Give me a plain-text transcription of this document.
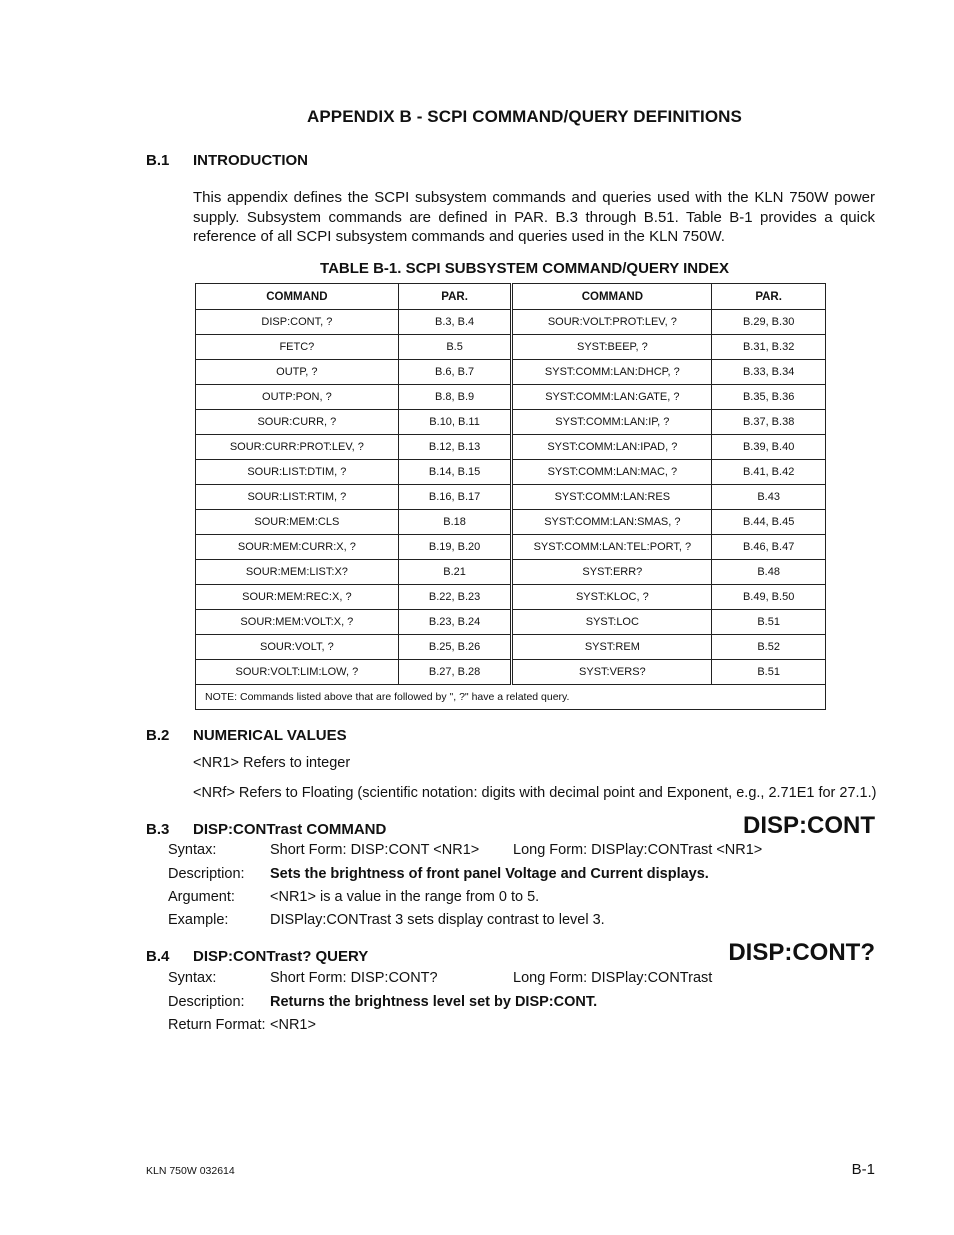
APPENDIX B - SCPI COMMAND/QUERY DEFINITIONS
B.1 INTRODUCTION

This appendix defines the SCPI subsystem commands and queries used with the KLN 750W power supply. Subsystem commands are defined in PAR. B.3 through B.51. Table B-1 provides a quick reference of all SCPI subsystem commands and queries used in the KLN 750W.

TABLE B-1. SCPI SUBSYSTEM COMMAND/QUERY INDEX
COMMAND	PAR.	COMMAND	PAR.
DISP:CONT, ?	B.3, B.4	SOUR:VOLT:PROT:LEV, ?	B.29, B.30
FETC?	B.5	SYST:BEEP, ?	B.31, B.32
OUTP, ?	B.6, B.7	SYST:COMM:LAN:DHCP, ?	B.33, B.34
OUTP:PON, ?	B.8, B.9	SYST:COMM:LAN:GATE, ?	B.35, B.36
SOUR:CURR, ?	B.10, B.11	SYST:COMM:LAN:IP, ?	B.37, B.38
SOUR:CURR:PROT:LEV, ?	B.12, B.13	SYST:COMM:LAN:IPAD, ?	B.39, B.40
SOUR:LIST:DTIM, ?	B.14, B.15	SYST:COMM:LAN:MAC, ?	B.41, B.42
SOUR:LIST:RTIM, ?	B.16, B.17	SYST:COMM:LAN:RES	B.43
SOUR:MEM:CLS	B.18	SYST:COMM:LAN:SMAS, ?	B.44, B.45
SOUR:MEM:CURR:X, ?	B.19, B.20	SYST:COMM:LAN:TEL:PORT, ?	B.46, B.47
SOUR:MEM:LIST:X?	B.21	SYST:ERR?	B.48
SOUR:MEM:REC:X, ?	B.22, B.23	SYST:KLOC, ?	B.49, B.50
SOUR:MEM:VOLT:X, ?	B.23, B.24	SYST:LOC	B.51
SOUR:VOLT, ?	B.25, B.26	SYST:REM	B.52
SOUR:VOLT:LIM:LOW, ?	B.27, B.28	SYST:VERS?	B.51
NOTE: Commands listed above that are followed by ", ?" have a related query.			
B.2 NUMERICAL VALUES
<NR1> Refers to integer
<NRf> Refers to Floating (scientific notation: digits with decimal point and Exponent, e.g., 2.71E1 for 27.1.)
B.3 DISP:CONTrast COMMAND	DISP:CONT
Syntax:	Short Form: DISP:CONT <NR1> Long Form: DISPlay:CONTrast <NR1>
Description: Sets the brightness of front panel Voltage and Current displays.
Argument: <NR1> is a value in the range from 0 to 5.
Example:	DISPlay:CONTrast 3 sets display contrast to level 3.
B.4 DISP:CONTrast? QUERY	DISP:CONT?
Syntax:	Short Form: DISP:CONT?	Long Form: DISPlay:CONTrast
Description: Returns the brightness level set by DISP:CONT.
Return Format: <NR1>
KLN 750W 032614	B-1
